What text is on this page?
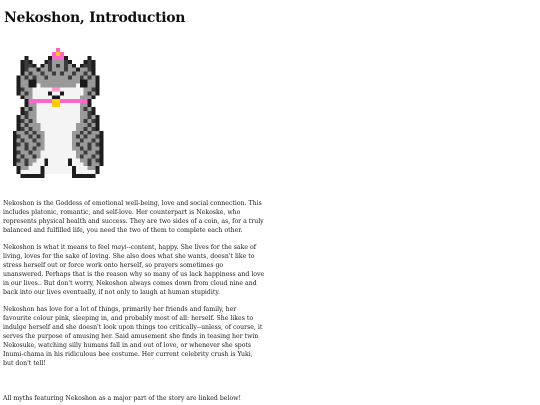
Nekoshon, Introduction

Nekoshon is the Goddess of emotional well-being, love and social connection. This includes platonic, romantic, and self-love. Her counterpart is Nekoske, who represents physical health and success. They are two sides of a coin, as, for a truly balanced and fulfilled life, you need the two of them to complete each other.

Nekoshon is what it means to feel mayi--content, happy. She lives for the sake of living, loves for the sake of loving. She also does what she wants, doesn't like to stress herself out or force work onto herself, so prayers sometimes go unanswered. Perhaps that is the reason why so many of us lack happiness and love in our lives.. But don't worry, Nekoshon always comes down from cloud nine and back into our lives eventually, if not only to laugh at human stupidity.

Nekoshon has love for a lot of things, primarily her friends and family, her favourite colour pink, sleeping in, and probably most of all: herself. She likes to indulge herself and she doesn't look upon things too critically--unless, of course, it serves the purpose of amusing her. Said amusement she finds in teasing her twin Nekosuke, watching silly humans fall in and out of love, or whenever she spots Inumi-chama in his ridiculous bee costume. Her current celebrity crush is Yuki, but don't tell!

All myths featuring Nekoshon as a major part of the story are linked below!
